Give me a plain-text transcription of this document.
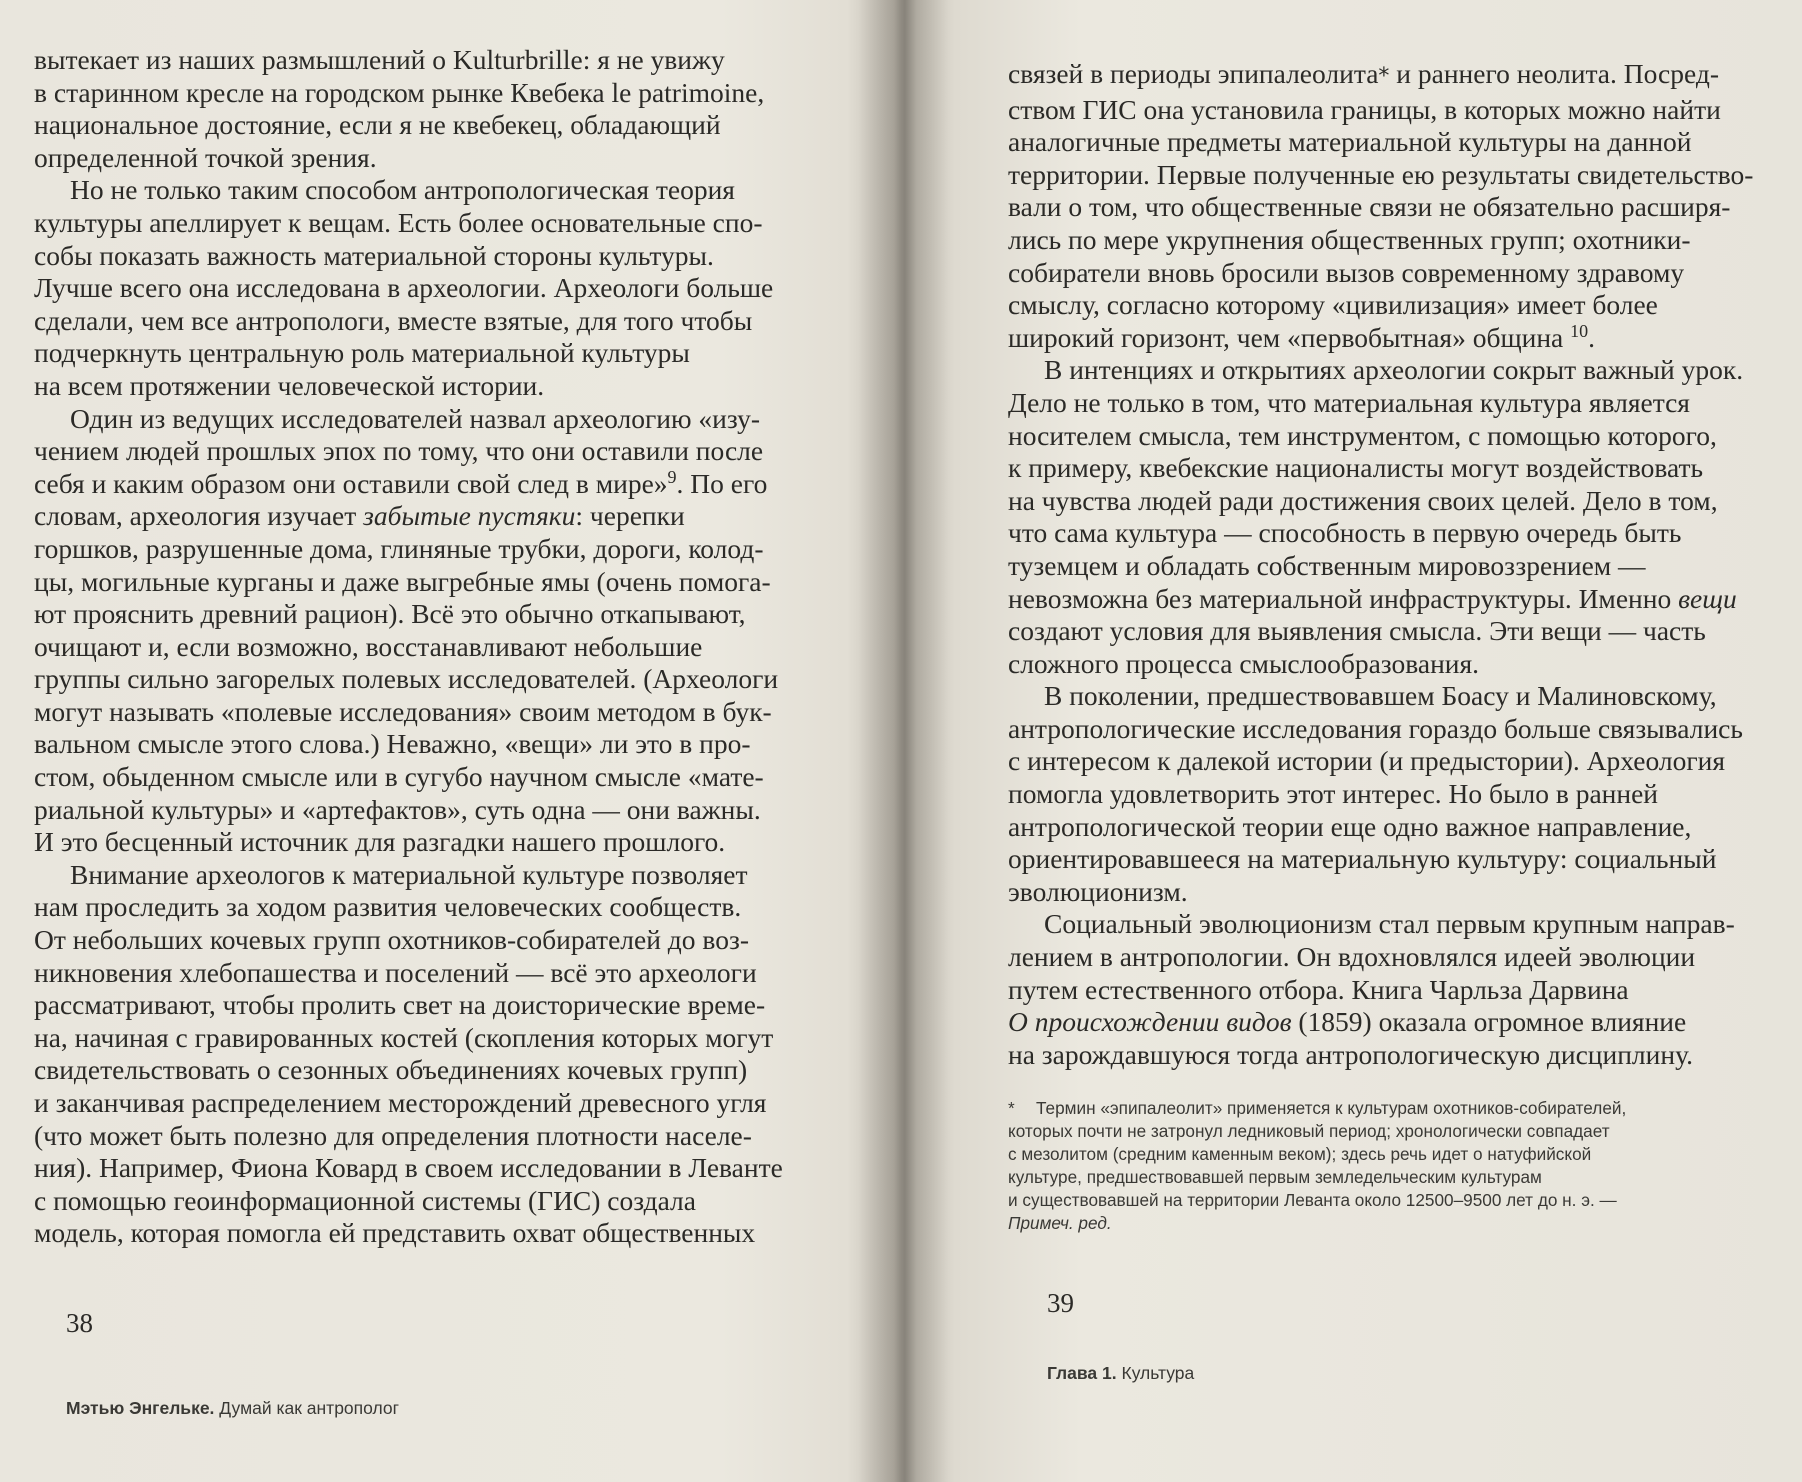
вытекает из наших размышлений о Kulturbrille: я не увижу
в старинном кресле на городском рынке Квебека le patrimoine,
национальное достояние, если я не квебекец, обладающий
определенной точкой зрения.
Но не только таким способом антропологическая теория
культуры апеллирует к вещам. Есть более основательные спо-
собы показать важность материальной стороны культуры.
Лучше всего она исследована в археологии. Археологи больше
сделали, чем все антропологи, вместе взятые, для того чтобы
подчеркнуть центральную роль материальной культуры
на всем протяжении человеческой истории.
Один из ведущих исследователей назвал археологию «изу-
чением людей прошлых эпох по тому, что они оставили после
себя и каким образом они оставили свой след в мире»$^9$. По его
словам, археология изучает забытые пустяки: черепки
горшков, разрушенные дома, глиняные трубки, дороги, колод-
цы, могильные курганы и даже выгребные ямы (очень помога-
ют прояснить древний рацион). Всё это обычно откапывают,
очищают и, если возможно, восстанавливают небольшие
группы сильно загорелых полевых исследователей. (Археологи
могут называть «полевые исследования» своим методом в бук-
вальном смысле этого слова.) Неважно, «вещи» ли это в про-
стом, обыденном смысле или в сугубо научном смысле «мате-
риальной культуры» и «артефактов», суть одна — они важны.
И это бесценный источник для разгадки нашего прошлого.
Внимание археологов к материальной культуре позволяет
нам проследить за ходом развития человеческих сообществ.
От небольших кочевых групп охотников-собирателей до воз-
никновения хлебопашества и поселений — всё это археологи
рассматривают, чтобы пролить свет на доисторические време-
на, начиная с гравированных костей (скопления которых могут
свидетельствовать о сезонных объединениях кочевых групп)
и заканчивая распределением месторождений древесного угля
(что может быть полезно для определения плотности населе-
ния). Например, Фиона Ковард в своем исследовании в Леванте
с помощью геоинформационной системы (ГИС) создала
модель, которая помогла ей представить охват общественных
38
Мэтью Энгельке. Думай как антрополог
связей в периоды эпипалеолита* и раннего неолита. Посред-
ством ГИС она установила границы, в которых можно найти
аналогичные предметы материальной культуры на данной
территории. Первые полученные ею результаты свидетельство-
вали о том, что общественные связи не обязательно расширя-
лись по мере укрупнения общественных групп; охотники-
собиратели вновь бросили вызов современному здравому
смыслу, согласно которому «цивилизация» имеет более
широкий горизонт, чем «первобытная» община $^{10}$.
В интенциях и открытиях археологии сокрыт важный урок.
Дело не только в том, что материальная культура является
носителем смысла, тем инструментом, с помощью которого,
к примеру, квебекские националисты могут воздействовать
на чувства людей ради достижения своих целей. Дело в том,
что сама культура — способность в первую очередь быть
туземцем и обладать собственным мировоззрением —
невозможна без материальной инфраструктуры. Именно вещи
создают условия для выявления смысла. Эти вещи — часть
сложного процесса смыслообразования.
В поколении, предшествовавшем Боасу и Малиновскому,
антропологические исследования гораздо больше связывались
с интересом к далекой истории (и предыстории). Археология
помогла удовлетворить этот интерес. Но было в ранней
антропологической теории еще одно важное направление,
ориентировавшееся на материальную культуру: социальный
эволюционизм.
Социальный эволюционизм стал первым крупным направ-
лением в антропологии. Он вдохновлялся идеей эволюции
путем естественного отбора. Книга Чарльза Дарвина
О происхождении видов (1859) оказала огромное влияние
на зарождавшуюся тогда антропологическую дисциплину.
* Термин «эпипалеолит» применяется к культурам охотников-собирателей,
которых почти не затронул ледниковый период; хронологически совпадает
с мезолитом (средним каменным веком); здесь речь идет о натуфийской
культуре, предшествовавшей первым земледельческим культурам
и существовавшей на территории Леванта около 12500–9500 лет до н. э. —
Примеч. ред.
39
Глава 1. Культура
